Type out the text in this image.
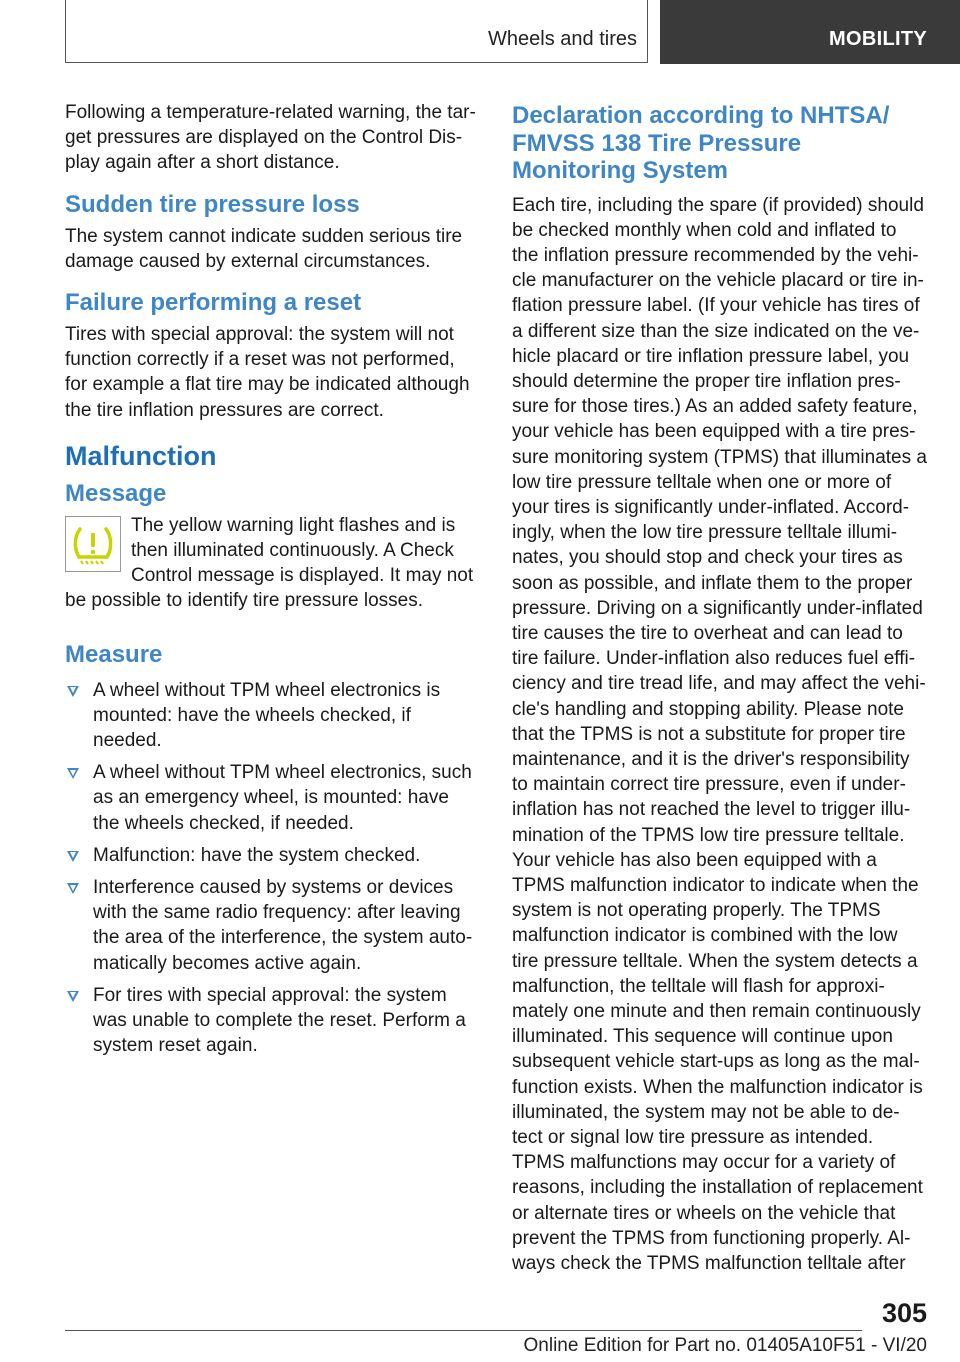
Wheels and tires	MOBILITY

Following a temperature-related warning, the tar-get pressures are displayed on the Control Dis-play again after a short distance.

Sudden tire pressure loss

The system cannot indicate sudden serious tire damage caused by external circumstances.

Failure performing a reset

Tires with special approval: the system will not function correctly if a reset was not performed, for example a flat tire may be indicated although the tire inflation pressures are correct.

Malfunction
Message

The yellow warning light flashes and is then illuminated continuously. A Check Control message is displayed. It may not be possible to identify tire pressure losses.

Measure
A wheel without TPM wheel electronics is mounted: have the wheels checked, if needed.
A wheel without TPM wheel electronics, such as an emergency wheel, is mounted: have the wheels checked, if needed.
Malfunction: have the system checked.
Interference caused by systems or devices with the same radio frequency: after leaving the area of the interference, the system auto-matically becomes active again.
For tires with special approval: the system was unable to complete the reset. Perform a system reset again.
Declaration according to NHTSA/
FMVSS 138 Tire Pressure
Monitoring System

Each tire, including the spare (if provided) should be checked monthly when cold and inflated to the inflation pressure recommended by the vehi-cle manufacturer on the vehicle placard or tire in-flation pressure label. (If your vehicle has tires of a different size than the size indicated on the ve-hicle placard or tire inflation pressure label, you should determine the proper tire inflation pres-sure for those tires.) As an added safety feature, your vehicle has been equipped with a tire pres-sure monitoring system (TPMS) that illuminates a low tire pressure telltale when one or more of your tires is significantly under-inflated. Accord-ingly, when the low tire pressure telltale illumi-nates, you should stop and check your tires as soon as possible, and inflate them to the proper pressure. Driving on a significantly under-inflated tire causes the tire to overheat and can lead to tire failure. Under-inflation also reduces fuel effi-ciency and tire tread life, and may affect the vehi-cle's handling and stopping ability. Please note that the TPMS is not a substitute for proper tire maintenance, and it is the driver's responsibility to maintain correct tire pressure, even if under-inflation has not reached the level to trigger illu-mination of the TPMS low tire pressure telltale. Your vehicle has also been equipped with a TPMS malfunction indicator to indicate when the system is not operating properly. The TPMS malfunction indicator is combined with the low tire pressure telltale. When the system detects a malfunction, the telltale will flash for approxi-mately one minute and then remain continuously illuminated. This sequence will continue upon subsequent vehicle start-ups as long as the mal-function exists. When the malfunction indicator is illuminated, the system may not be able to de-tect or signal low tire pressure as intended. TPMS malfunctions may occur for a variety of reasons, including the installation of replacement or alternate tires or wheels on the vehicle that prevent the TPMS from functioning properly. Al-ways check the TPMS malfunction telltale after

305
Online Edition for Part no. 01405A10F51 - VI/20
